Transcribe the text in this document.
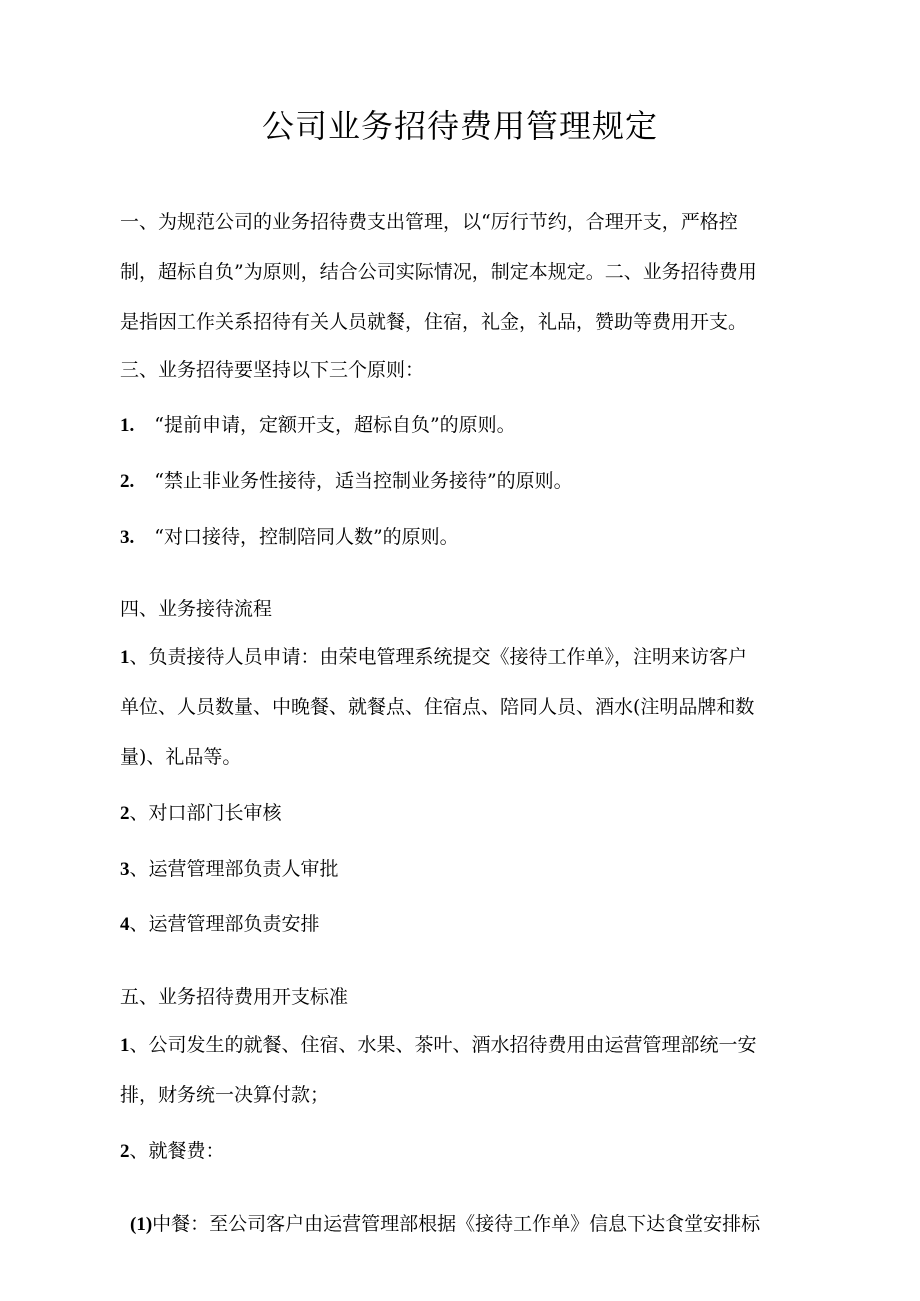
公司业务招待费用管理规定
一、为规范公司的业务招待费支出管理，以“厉行节约，合理开支，严格控
制，超标自负”为原则，结合公司实际情况，制定本规定。二、业务招待费用
是指因工作关系招待有关人员就餐，住宿，礼金，礼品，赞助等费用开支。
三、业务招待要坚持以下三个原则：
1. “提前申请，定额开支，超标自负”的原则。
2. “禁止非业务性接待，适当控制业务接待”的原则。
3. “对口接待，控制陪同人数”的原则。
四、业务接待流程
1、负责接待人员申请：由荣电管理系统提交《接待工作单》，注明来访客户
单位、人员数量、中晚餐、就餐点、住宿点、陪同人员、酒水(注明品牌和数
量)、礼品等。
2、对口部门长审核
3、运营管理部负责人审批
4、运营管理部负责安排
五、业务招待费用开支标准
1、公司发生的就餐、住宿、水果、茶叶、酒水招待费用由运营管理部统一安
排，财务统一决算付款；
2、就餐费：
(1)中餐：至公司客户由运营管理部根据《接待工作单》信息下达食堂安排标
